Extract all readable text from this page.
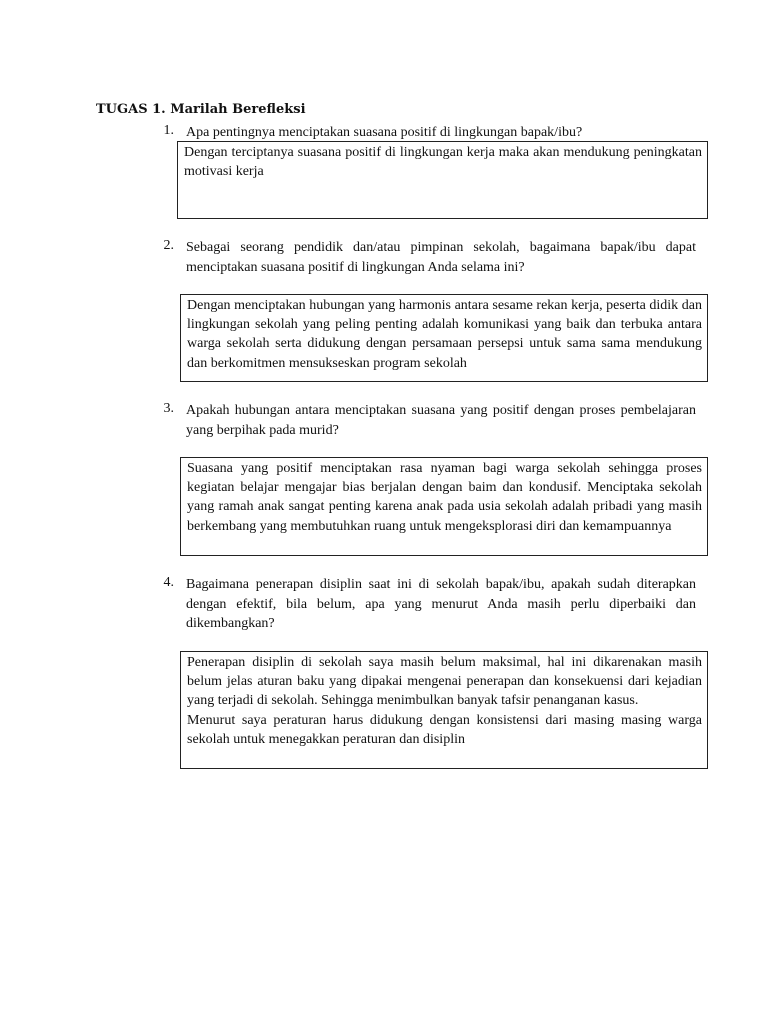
TUGAS 1. Marilah Berefleksi
1. Apa pentingnya menciptakan suasana positif di lingkungan bapak/ibu?
Dengan terciptanya suasana positif di lingkungan kerja maka akan mendukung peningkatan motivasi kerja
2. Sebagai seorang pendidik dan/atau pimpinan sekolah, bagaimana bapak/ibu dapat menciptakan suasana positif di lingkungan Anda selama ini?
Dengan menciptakan hubungan yang harmonis antara sesame rekan kerja, peserta didik dan lingkungan sekolah yang peling penting adalah komunikasi yang baik dan terbuka antara warga sekolah serta didukung dengan persamaan persepsi untuk sama sama mendukung dan berkomitmen mensukseskan program sekolah
3. Apakah hubungan antara menciptakan suasana yang positif dengan proses pembelajaran yang berpihak pada murid?
Suasana yang positif menciptakan rasa nyaman bagi warga sekolah sehingga proses kegiatan belajar mengajar bias berjalan dengan baim dan kondusif. Menciptaka sekolah yang ramah anak sangat penting karena anak pada usia sekolah adalah pribadi yang masih berkembang yang membutuhkan ruang untuk mengeksplorasi diri dan kemampuannya
4. Bagaimana penerapan disiplin saat ini di sekolah bapak/ibu, apakah sudah diterapkan dengan efektif, bila belum, apa yang menurut Anda masih perlu diperbaiki dan dikembangkan?
Penerapan disiplin di sekolah saya masih belum maksimal, hal ini dikarenakan masih belum jelas aturan baku yang dipakai mengenai penerapan dan konsekuensi dari kejadian yang terjadi di sekolah. Sehingga menimbulkan banyak tafsir penanganan kasus.
Menurut saya peraturan harus didukung dengan konsistensi dari masing masing warga sekolah untuk menegakkan peraturan dan disiplin
